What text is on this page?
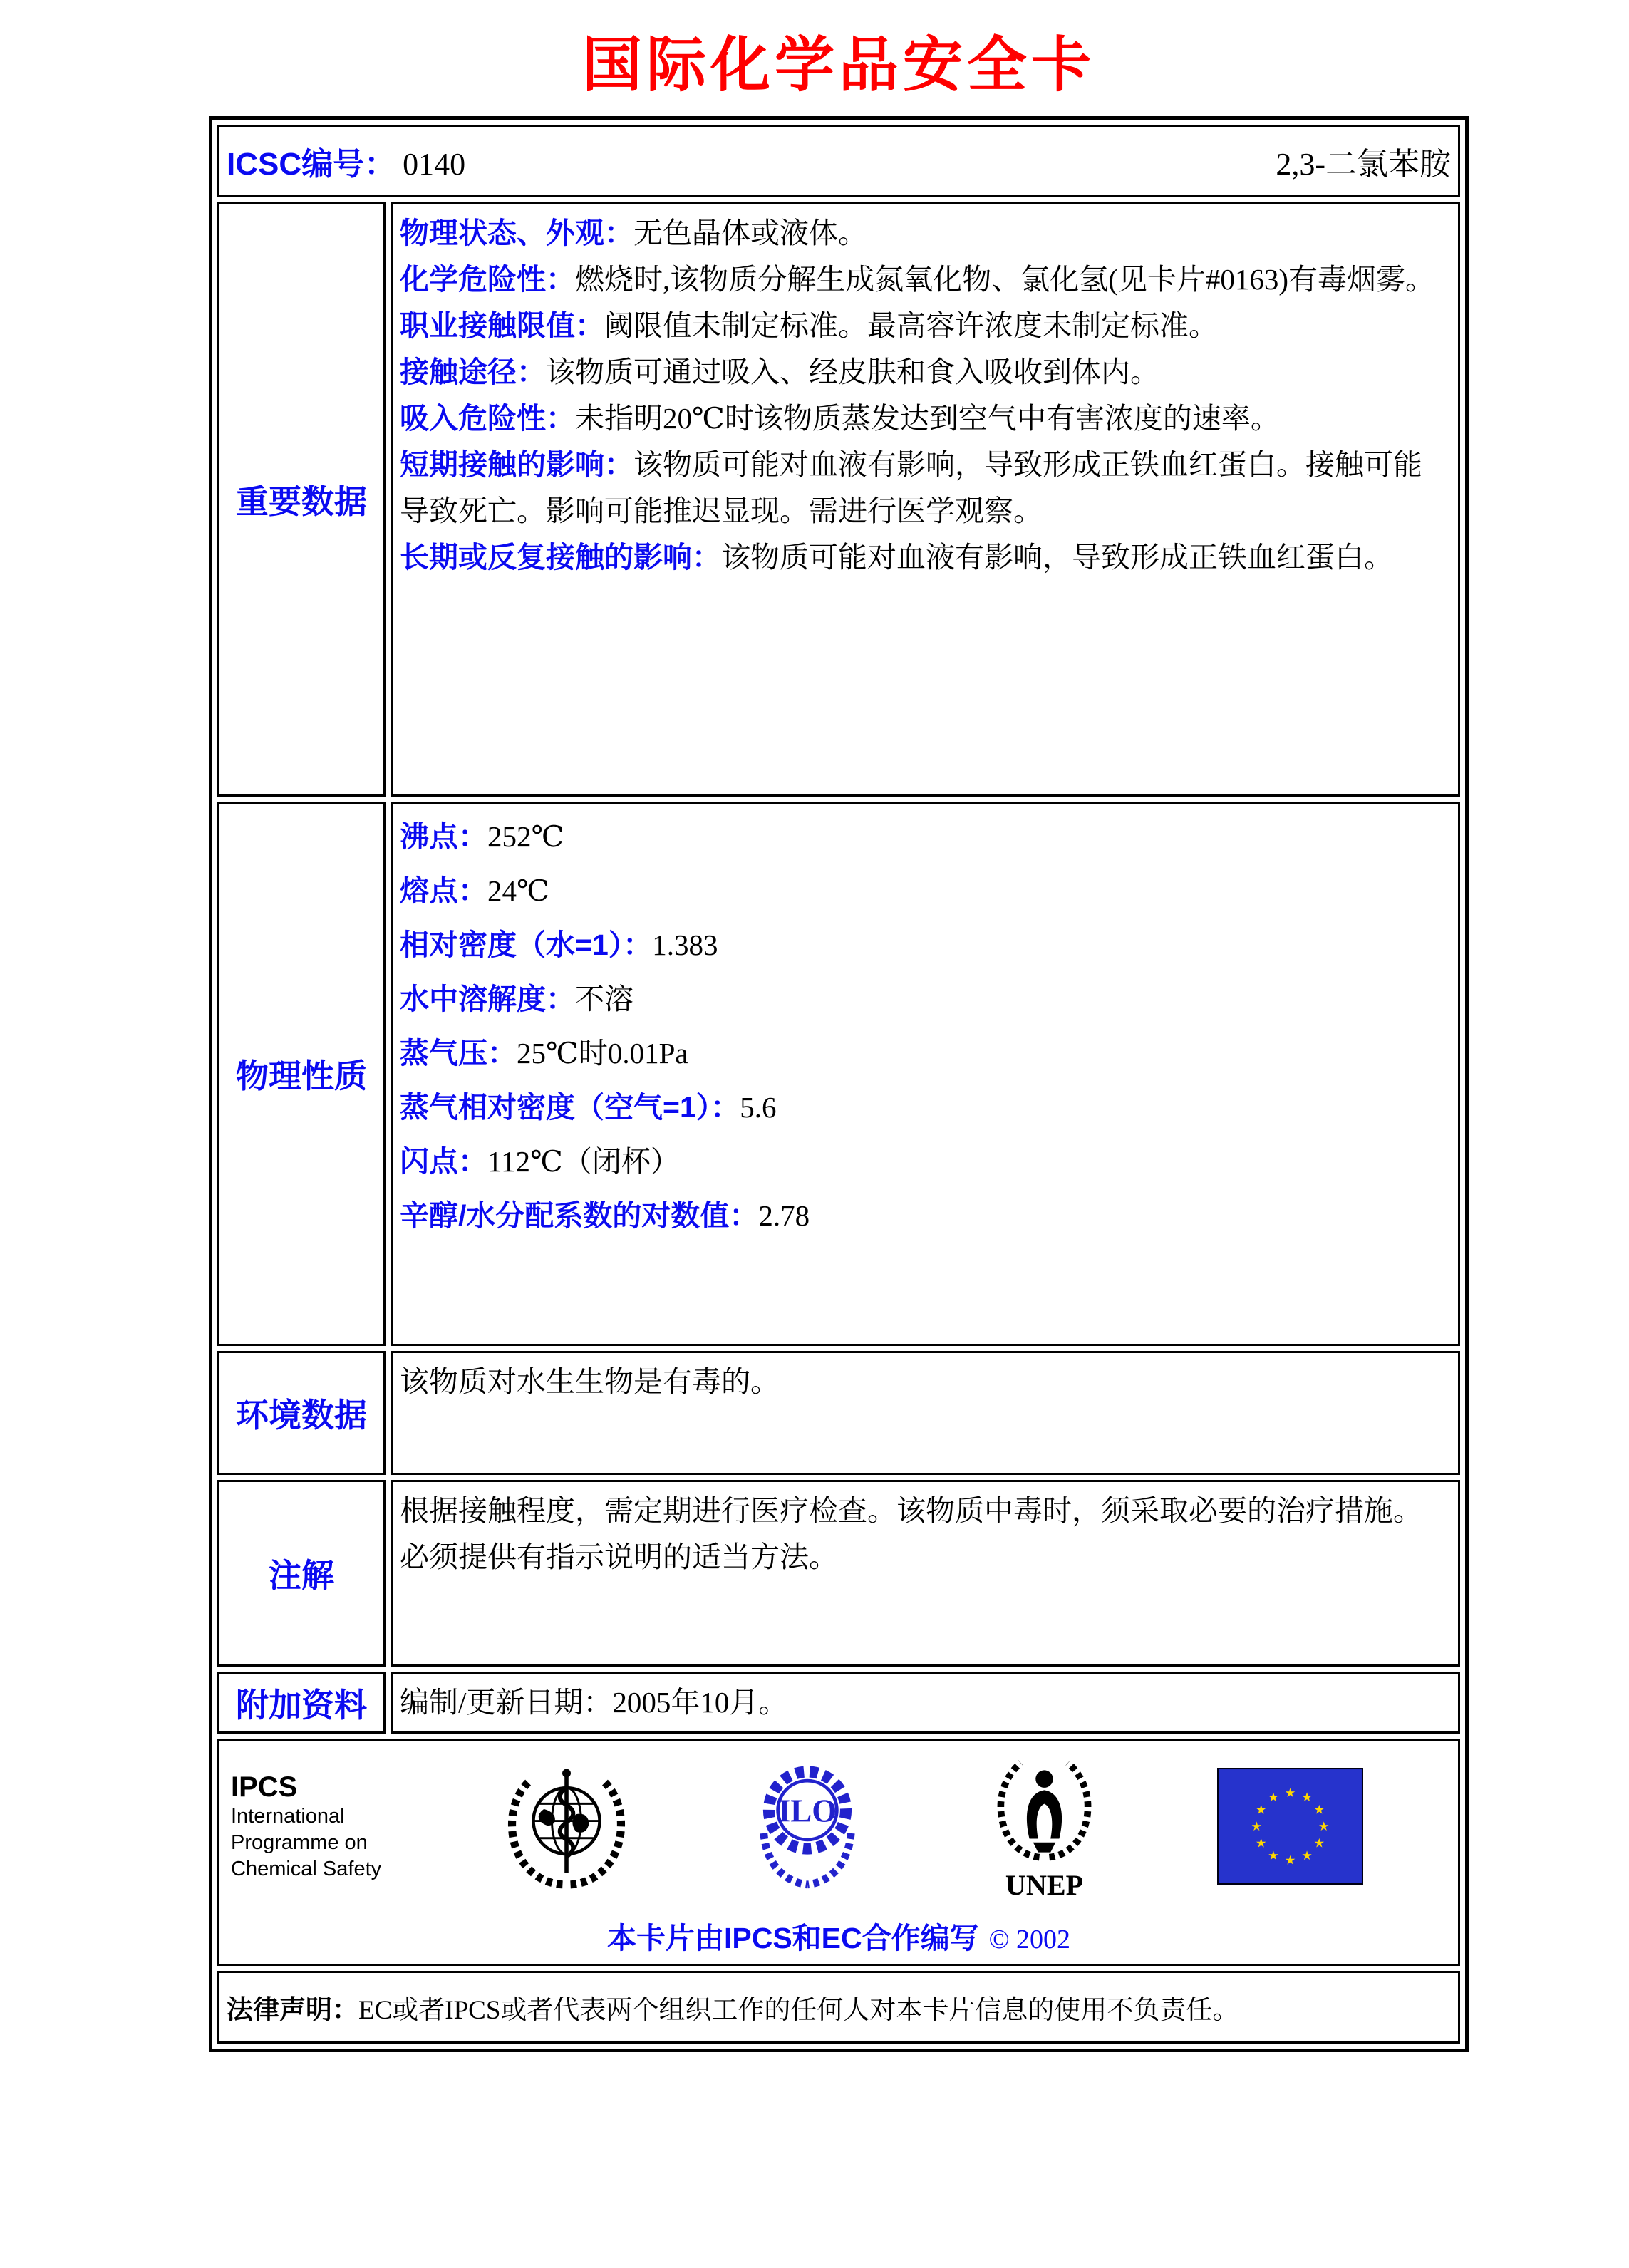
国际化学品安全卡
ICSC编号： 0140 2,3-二氯苯胺	

重要数据	
物理状态、外观：无色晶体或液体。
化学危险性：燃烧时,该物质分解生成氮氧化物、氯化氢(见卡片#0163)有毒烟雾。
职业接触限值：阈限值未制定标准。最高容许浓度未制定标准。
接触途径：该物质可通过吸入、经皮肤和食入吸收到体内。
吸入危险性：未指明20℃时该物质蒸发达到空气中有害浓度的速率。
短期接触的影响：该物质可能对血液有影响，导致形成正铁血红蛋白。接触可能导致死亡。影响可能推迟显现。需进行医学观察。
长期或反复接触的影响：该物质可能对血液有影响，导致形成正铁血红蛋白。

物理性质	
沸点：252℃
熔点：24℃
相对密度（水=1）：1.383
水中溶解度：不溶
蒸气压：25℃时0.01Pa
蒸气相对密度（空气=1）：5.6
闪点：112℃（闭杯）
辛醇/水分配系数的对数值：2.78

环境数据	该物质对水生生物是有毒的。

注解	根据接触程度，需定期进行医疗检查。该物质中毒时，须采取必要的治疗措施。必须提供有指示说明的适当方法。

附加资料	编制/更新日期：2005年10月。

IPCS
International
Programme on
Chemical Safety
ILO
UNEP
★ ★
★
★
★
★
★
★
★
★
★
★
本卡片由IPCS和EC合作编写 © 2002

法律声明：EC或者IPCS或者代表两个组织工作的任何人对本卡片信息的使用不负责任。	
